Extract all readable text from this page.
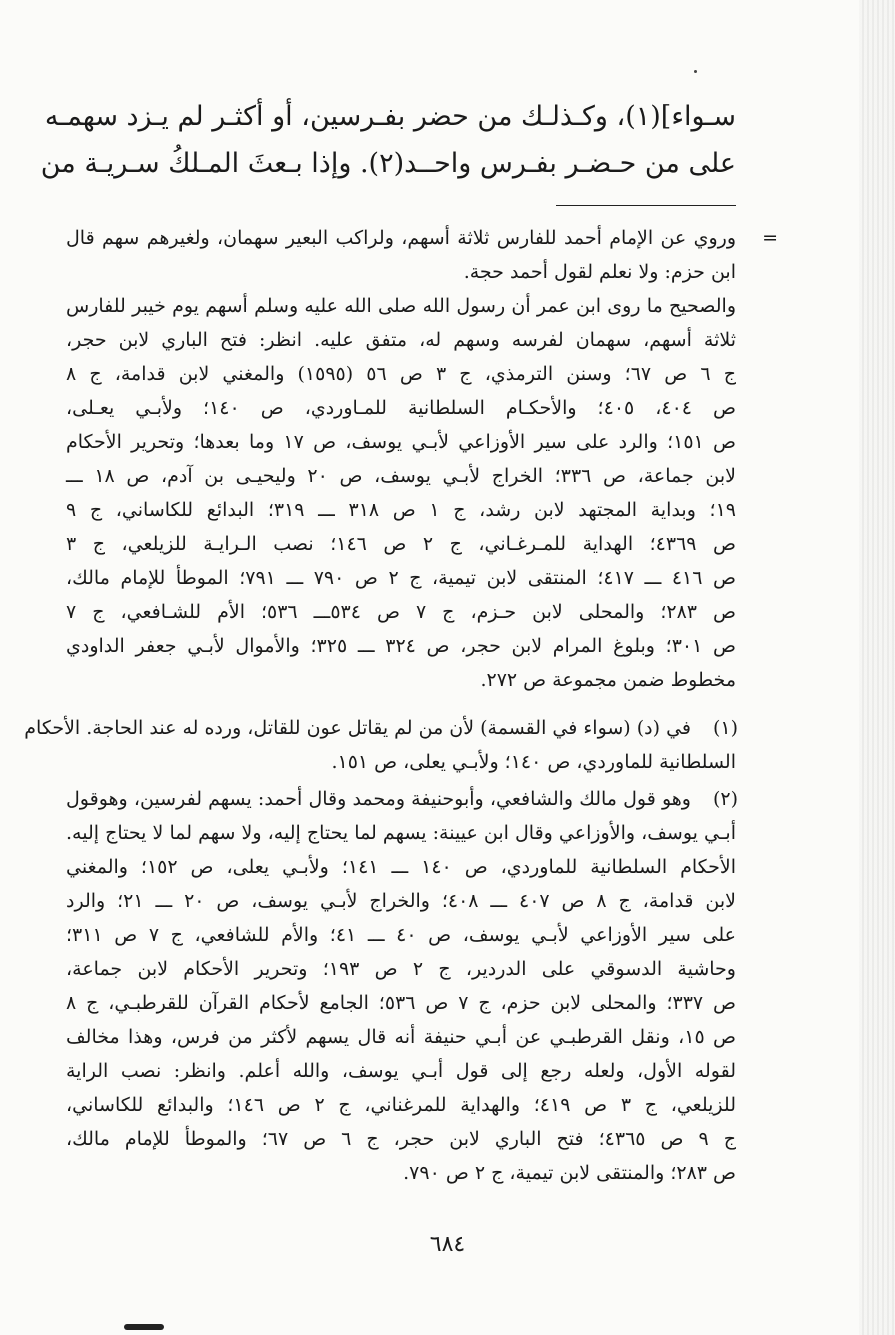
سـواء](١)، وكـذلـك من حضر بفـرسين، أو أكثـر لم يـزد سهمـه
على من حـضـر بفـرس واحــد(٢). وإذا بـعثَ المـلكُ سـريـة من
=
وروي عن الإمام أحمد للفارس ثلاثة أسهم، ولراكب البعير سهمان، ولغيرهم سهم قال
ابن حزم: ولا نعلم لقول أحمد حجة.
والصحيح ما روى ابن عمر أن رسول الله صلى الله عليه وسلم أسهم يوم خيبر للفارس
ثلاثة أسهم، سهمان لفرسه وسهم له، متفق عليه. انظر: فتح الباري لابن حجر،
ج ٦ ص ٦٧؛ وسنن الترمذي، ج ٣ ص ٥٦ (١٥٩٥) والمغني لابن قدامة، ج ٨
ص ٤٠٤، ٤٠٥؛ والأحكـام السلطانية للمـاوردي، ص ١٤٠؛ ولأبـي يعـلى،
ص ١٥١؛ والرد على سير الأوزاعي لأبـي يوسف، ص ١٧ وما بعدها؛ وتحرير الأحكام
لابن جماعة، ص ٣٣٦؛ الخراج لأبـي يوسف، ص ٢٠ وليحيـى بن آدم، ص ١٨ ـــ
١٩؛ وبداية المجتهد لابن رشد، ج ١ ص ٣١٨ ـــ ٣١٩؛ البدائع للكاساني، ج ٩
ص ٤٣٦٩؛ الهداية للمـرغـاني، ج ٢ ص ١٤٦؛ نصب الـرايـة للزيلعي، ج ٣
ص ٤١٦ ـــ ٤١٧؛ المنتقى لابن تيمية، ج ٢ ص ٧٩٠ ـــ ٧٩١؛ الموطأ للإمام مالك،
ص ٢٨٣؛ والمحلى لابن حـزم، ج ٧ ص ٥٣٤ـــ ٥٣٦؛ الأم للشـافعي، ج ٧
ص ٣٠١؛ وبلوغ المرام لابن حجر، ص ٣٢٤ ـــ ٣٢٥؛ والأموال لأبـي جعفر الداودي
مخطوط ضمن مجموعة ص ٢٧٢.
(١)
في (د) (سواء في القسمة) لأن من لم يقاتل عون للقاتل، ورده له عند الحاجة. الأحكام
السلطانية للماوردي، ص ١٤٠؛ ولأبـي يعلى، ص ١٥١.
(٢)
وهو قول مالك والشافعي، وأبوحنيفة ومحمد وقال أحمد: يسهم لفرسين، وهوقول
أبـي يوسف، والأوزاعي وقال ابن عيينة: يسهم لما يحتاج إليه، ولا سهم لما لا يحتاج إليه.
الأحكام السلطانية للماوردي، ص ١٤٠ ـــ ١٤١؛ ولأبـي يعلى، ص ١٥٢؛ والمغني
لابن قدامة، ج ٨ ص ٤٠٧ ـــ ٤٠٨؛ والخراج لأبـي يوسف، ص ٢٠ ـــ ٢١؛ والرد
على سير الأوزاعي لأبـي يوسف، ص ٤٠ ـــ ٤١؛ والأم للشافعي، ج ٧ ص ٣١١؛
وحاشية الدسوقي على الدردير، ج ٢ ص ١٩٣؛ وتحرير الأحكام لابن جماعة،
ص ٣٣٧؛ والمحلى لابن حزم، ج ٧ ص ٥٣٦؛ الجامع لأحكام القرآن للقرطبـي، ج ٨
ص ١٥، ونقل القرطبـي عن أبـي حنيفة أنه قال يسهم لأكثر من فرس، وهذا مخالف
لقوله الأول، ولعله رجع إلى قول أبـي يوسف، والله أعلم. وانظر: نصب الراية
للزيلعي، ج ٣ ص ٤١٩؛ والهداية للمرغناني، ج ٢ ص ١٤٦؛ والبدائع للكاساني،
ج ٩ ص ٤٣٦٥؛ فتح الباري لابن حجر، ج ٦ ص ٦٧؛ والموطأ للإمام مالك،
ص ٢٨٣؛ والمنتقى لابن تيمية، ج ٢ ص ٧٩٠.
٦٨٤
